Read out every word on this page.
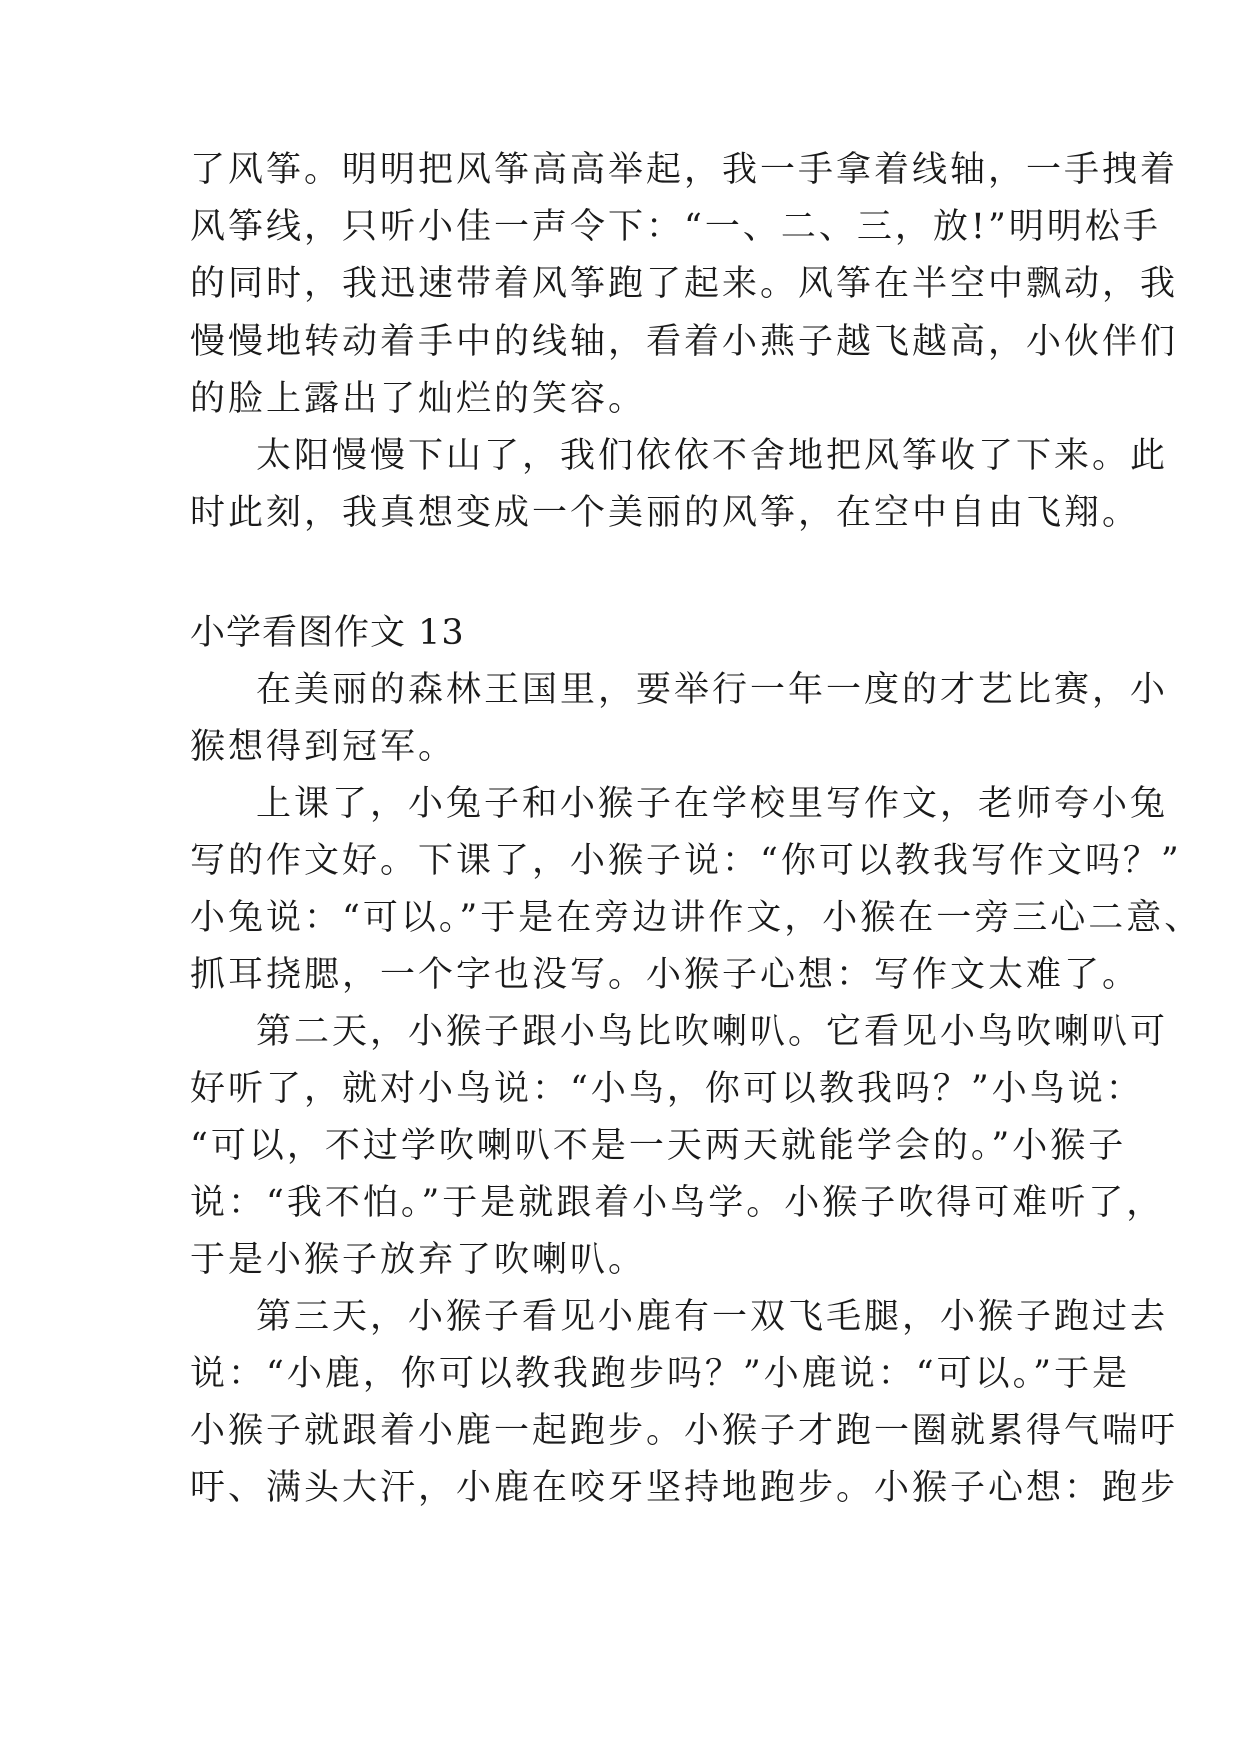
了风筝。明明把风筝高高举起，我一手拿着线轴，一手拽着
风筝线，只听小佳一声令下：“一、二、三，放!”明明松手
的同时，我迅速带着风筝跑了起来。风筝在半空中飘动，我
慢慢地转动着手中的线轴，看着小燕子越飞越高，小伙伴们
的脸上露出了灿烂的笑容。
太阳慢慢下山了，我们依依不舍地把风筝收了下来。此
时此刻，我真想变成一个美丽的风筝，在空中自由飞翔。
小学看图作文 13
在美丽的森林王国里，要举行一年一度的才艺比赛，小
猴想得到冠军。
上课了，小兔子和小猴子在学校里写作文，老师夸小兔
写的作文好。下课了，小猴子说：“你可以教我写作文吗？”
小兔说：“可以。”于是在旁边讲作文，小猴在一旁三心二意、
抓耳挠腮，一个字也没写。小猴子心想：写作文太难了。
第二天，小猴子跟小鸟比吹喇叭。它看见小鸟吹喇叭可
好听了，就对小鸟说：“小鸟，你可以教我吗？”小鸟说：
“可以，不过学吹喇叭不是一天两天就能学会的。”小猴子
说：“我不怕。”于是就跟着小鸟学。小猴子吹得可难听了，
于是小猴子放弃了吹喇叭。
第三天，小猴子看见小鹿有一双飞毛腿，小猴子跑过去
说：“小鹿，你可以教我跑步吗？”小鹿说：“可以。”于是
小猴子就跟着小鹿一起跑步。小猴子才跑一圈就累得气喘吁
吁、满头大汗，小鹿在咬牙坚持地跑步。小猴子心想：跑步
